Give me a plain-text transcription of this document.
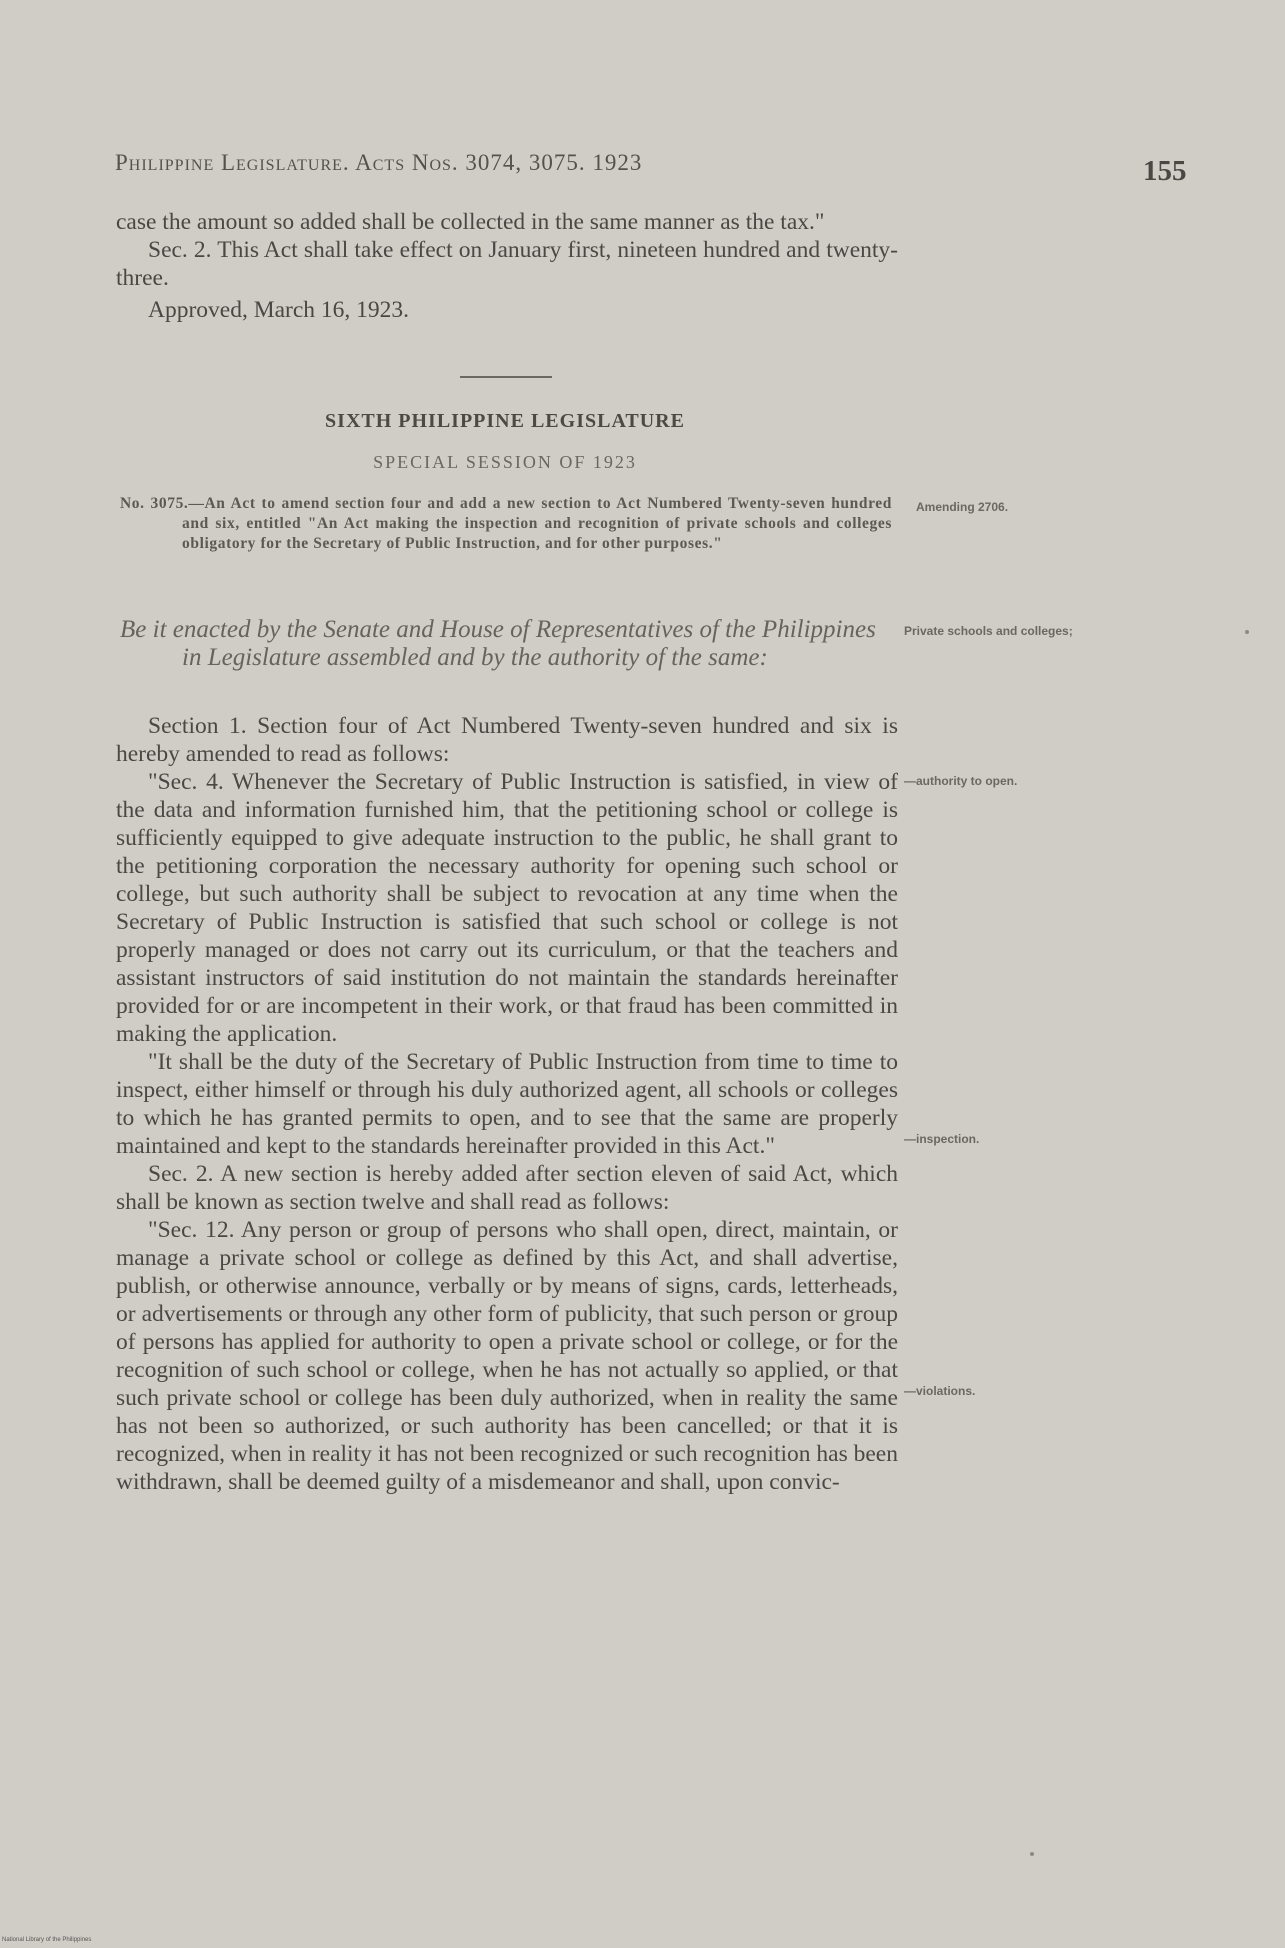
Philippine Legislature. Acts Nos. 3074, 3075. 1923	155

case the amount so added shall be collected in the same manner as the tax."

Sec. 2. This Act shall take effect on January first, nineteen hundred and twenty-three.

Approved, March 16, 1923.

SIXTH PHILIPPINE LEGISLATURE
SPECIAL SESSION OF 1923
No. 3075.—An Act to amend section four and add a new section to Act Numbered Twenty-seven hundred and six, entitled "An Act making the inspection and recognition of private schools and colleges obligatory for the Secretary of Public Instruction, and for other purposes."

Be it enacted by the Senate and House of Representatives of the Philippines in Legislature assembled and by the authority of the same:

Section 1. Section four of Act Numbered Twenty-seven hundred and six is hereby amended to read as follows:

"Sec. 4. Whenever the Secretary of Public Instruction is satisfied, in view of the data and information furnished him, that the petitioning school or college is sufficiently equipped to give adequate instruction to the public, he shall grant to the petitioning corporation the necessary authority for opening such school or college, but such authority shall be subject to revocation at any time when the Secretary of Public Instruction is satisfied that such school or college is not properly managed or does not carry out its curriculum, or that the teachers and assistant instructors of said institution do not maintain the standards hereinafter provided for or are incompetent in their work, or that fraud has been committed in making the application.

"It shall be the duty of the Secretary of Public Instruction from time to time to inspect, either himself or through his duly authorized agent, all schools or colleges to which he has granted permits to open, and to see that the same are properly maintained and kept to the standards hereinafter provided in this Act."

Sec. 2. A new section is hereby added after section eleven of said Act, which shall be known as section twelve and shall read as follows:

"Sec. 12. Any person or group of persons who shall open, direct, maintain, or manage a private school or college as defined by this Act, and shall advertise, publish, or otherwise announce, verbally or by means of signs, cards, letterheads, or advertisements or through any other form of publicity, that such person or group of persons has applied for authority to open a private school or college, or for the recognition of such school or college, when he has not actually so applied, or that such private school or college has been duly authorized, when in reality the same has not been so authorized, or such authority has been cancelled; or that it is recognized, when in reality it has not been recognized or such recognition has been withdrawn, shall be deemed guilty of a misdemeanor and shall, upon convic-

Amending 2706.
Private schools and colleges;
—authority to open.
—inspection.
—violations.
National Library of the Philippines
